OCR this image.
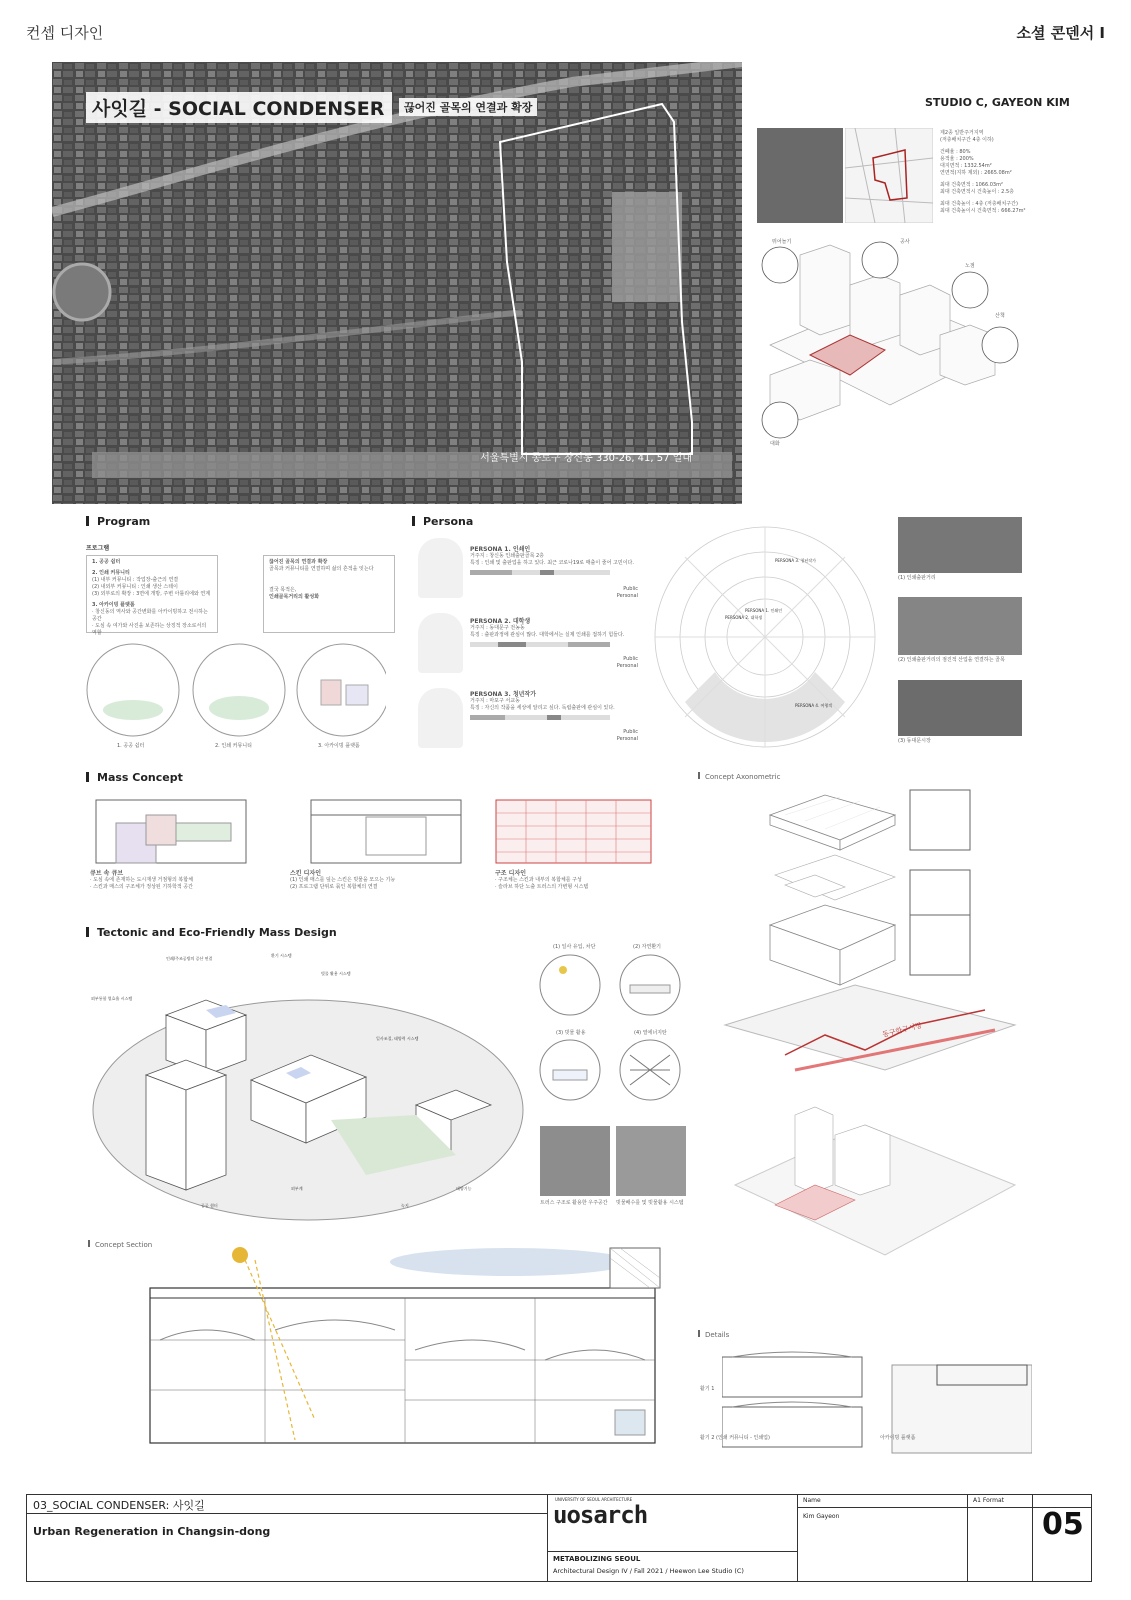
컨셉 디자인	소셜 콘덴서 I
사잇길 - SOCIAL CONDENSER	끊어진 골목의 연결과 확장
서울특별시 종로구 창신동 330-26, 41, 57 일대
STUDIO C, GAYEON KIM
제2종 일반주거지역
(저층배치구간 4층 이하)
건폐율 : 80%
용적율 : 200%
대지면적 : 1332.54m²
연면적(지하 제외) : 2665.08m²
최대 건축면적 : 1066.03m²
최대 건축면적시 건축높이 : 2.5층
최대 건축높이 : 4층 (저층배치구간)
최대 건축높이시 건축면적 : 666.27m²
뛰어놀기	공사
노점
산책
대화
Program
프로그램
1. 공공 쉼터
2. 인쇄 커뮤니티
(1) 내부 커뮤니티 : 작업장-출근의 연결
(2) 내외부 커뮤니티 : 인쇄 생산 스테이
(3) 외부로의 확장 : 3면에 개방, 주변 아틀리에와 연계
3. 아카이빙 플랫폼
· 창신동의 역사와 공간변화를 아카이빙하고 전시하는 공간
· 도심 속 여가와 사진을 보존하는 상징적 장소로서의 역할
끊어진 골목의 연결과 확장
골목과 커뮤니티를 연결하며 삶의 흔적을 잇는다
결국 목적은,
인쇄골목거리의 활성화
1. 공공 쉼터	2. 인쇄 커뮤니티	3. 아카이빙 플랫폼
Persona
PERSONA 1. 인쇄인
거주지 : 창신동 인쇄출판골목 2층
특징 : 인쇄 및 출판업을 하고 있다. 최근 코로나19로 매출이 줄어 고민이다.
Public
Personal
PERSONA 2. 대학생
거주지 : 동대문구 전농동
특징 : 출판과정에 관심이 많다. 대학에서는 실제 인쇄를 접하기 힘들다.
Public
Personal
PERSONA 3. 청년작가
거주지 : 마포구 서교동
특징 : 자신의 작품을 세상에 알리고 싶다. 독립출판에 관심이 있다.
Public
Personal
PERSONA 1. 인쇄인
PERSONA 2. 대학생
PERSONA 3. 청년작가
PERSONA 4. 여행객
(1) 인쇄출판거리
(2) 인쇄출판거리의 점진적 산업을 연결하는 골목
(3) 동대문시장
Mass Concept
큐브 속 큐브
· 도심 속에 존재하는 도시재생 거점형의 복합체
· 스킨과 매스의 구조체가 정상된 기하학적 공간
스킨 디자인
(1) 인쇄 매스를 덮는 스킨은 빗물을 모으는 기능
(2) 프로그램 단위로 묶인 복합체의 연결
구조 디자인
· 구조체는 스킨과 내부의 복합체를 구성
· 슬라브 하단 노출 트러스의 가변형 시스템
Concept Axonometric
동구한구시장
Tectonic and Eco-Friendly Mass Design
인쇄/주조공방의 증산 연결
환기 시스템
빗물 활용 시스템
일사조절, 태양력 시스템
외부통합 열효율 시스템
외부계
공공 쉼터	녹지
태양기능
(1) 일사 유입, 차단	(2) 자연환기
(3) 빗물 활용	(4) 열에너지탄
트러스 구조로 활용한 우주공간	빗물배수를 및 빗물활용 시스템
Concept Section
Details
활기 1
활기 2 (인쇄 커뮤니티 - 인쇄업)	아카이빙 플랫폼
03_SOCIAL CONDENSER: 사잇길
Urban Regeneration in Changsin-dong
UNIVERSITY OF SEOUL ARCHITECTURE
uosarch
METABOLIZING SEOUL
Architectural Design IV / Fall 2021 / Heewon Lee Studio (C)
Name
Kim Gayeon
A1 Format
05
